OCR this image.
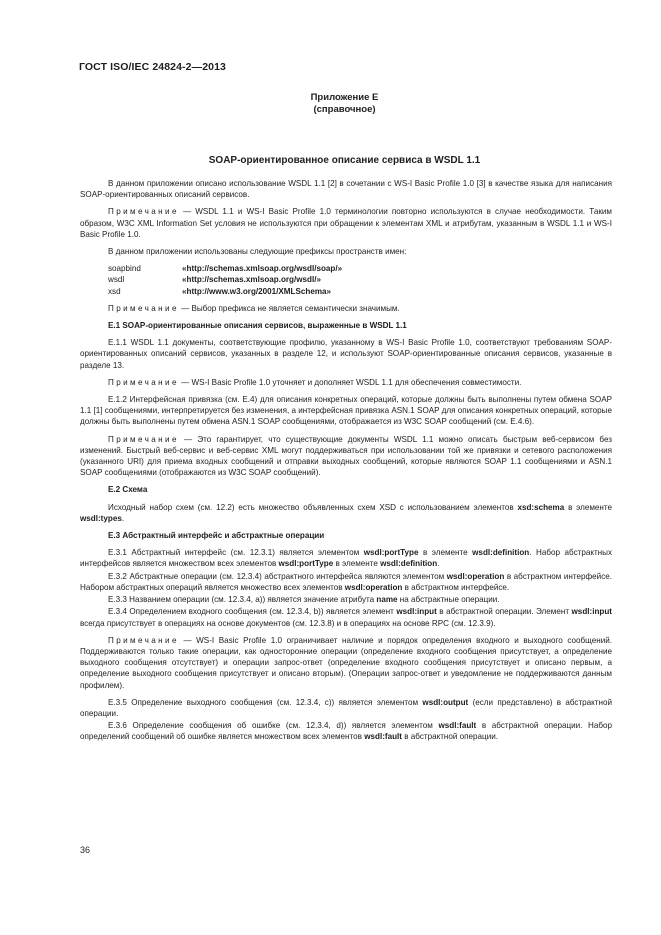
ГОСТ ISO/IEC 24824-2—2013
Приложение Е
(справочное)
SOAP-ориентированное описание сервиса в WSDL 1.1

В данном приложении описано использование WSDL 1.1 [2] в сочетании с WS-I Basic Profile 1.0 [3] в качестве языка для написания SOAP-ориентированных описаний сервисов.

Примечание — WSDL 1.1 и WS-I Basic Profile 1.0 терминологии повторно используются в случае необходимости. Таким образом, W3C XML Information Set условия не используются при обращении к элементам XML и атрибутам, указанным в WSDL 1.1 и WS-I Basic Profile 1.0.

В данном приложении использованы следующие префиксы пространств имен:

soapbind	«http://schemas.xmlsoap.org/wsdl/soap/»
wsdl	«http://schemas.xmlsoap.org/wsdl/»
xsd	«http://www.w3.org/2001/XMLSchema»

Примечание — Выбор префикса не является семантически значимым.

Е.1 SOAP-ориентированные описания сервисов, выраженные в WSDL 1.1

Е.1.1 WSDL 1.1 документы, соответствующие профилю, указанному в WS-I Basic Profile 1.0, соответствуют требованиям SOAP-ориентированных описаний сервисов, указанных в разделе 12, и используют SOAP-ориентированные описания сервисов, указанные в разделе 13.

Примечание — WS-I Basic Profile 1.0 уточняет и дополняет WSDL 1.1 для обеспечения совместимости.

Е.1.2 Интерфейсная привязка (см. Е.4) для описания конкретных операций, которые должны быть выполнены путем обмена SOAP 1.1 [1] сообщениями, интерпретируется без изменения, а интерфейсная привязка ASN.1 SOAP для описания конкретных операций, которые должны быть выполнены путем обмена ASN.1 SOAP сообщениями, отображается из W3C SOAP сообщений (см. Е.4.6).

Примечание — Это гарантирует, что существующие документы WSDL 1.1 можно описать быстрым веб-сервисом без изменений. Быстрый веб-сервис и веб-сервис XML могут поддерживаться при использовании той же привязки и сетевого расположения (указанного URI) для приема входных сообщений и отправки выходных сообщений, которые являются SOAP 1.1 сообщениями и ASN.1 SOAP сообщениями (отображаются из W3C SOAP сообщений).

Е.2 Схема

Исходный набор схем (см. 12.2) есть множество объявленных схем XSD с использованием элементов xsd:schema в элементе wsdl:types.

Е.3 Абстрактный интерфейс и абстрактные операции

Е.3.1 Абстрактный интерфейс (см. 12.3.1) является элементом wsdl:portType в элементе wsdl:definition. Набор абстрактных интерфейсов является множеством всех элементов wsdl:portType в элементе wsdl:definition.

Е.3.2 Абстрактные операции (см. 12.3.4) абстрактного интерфейса являются элементом wsdl:operation в абстрактном интерфейсе. Набором абстрактных операций является множество всех элементов wsdl:operation в абстрактном интерфейсе.

Е.3.3 Названием операции (см. 12.3.4, а)) является значение атрибута name на абстрактные операции.

Е.3.4 Определением входного сообщения (см. 12.3.4, b)) является элемент wsdl:input в абстрактной операции. Элемент wsdl:input всегда присутствует в операциях на основе документов (см. 12.3.8) и в операциях на основе RPC (см. 12.3.9).

Примечание — WS-I Basic Profile 1.0 ограничивает наличие и порядок определения входного и выходного сообщений. Поддерживаются только такие операции, как односторонние операции (определение входного сообщения присутствует, а определение выходного сообщения отсутствует) и операции запрос-ответ (определение входного сообщения присутствует и описано первым, а определение выходного сообщения присутствует и описано вторым). (Операции запрос-ответ и уведомление не поддерживаются данным профилем).

Е.3.5 Определение выходного сообщения (см. 12.3.4, с)) является элементом wsdl:output (если представлено) в абстрактной операции.

Е.3.6 Определение сообщения об ошибке (см. 12.3.4, d)) является элементом wsdl:fault в абстрактной операции. Набор определений сообщений об ошибке является множеством всех элементов wsdl:fault в абстрактной операции.

36
